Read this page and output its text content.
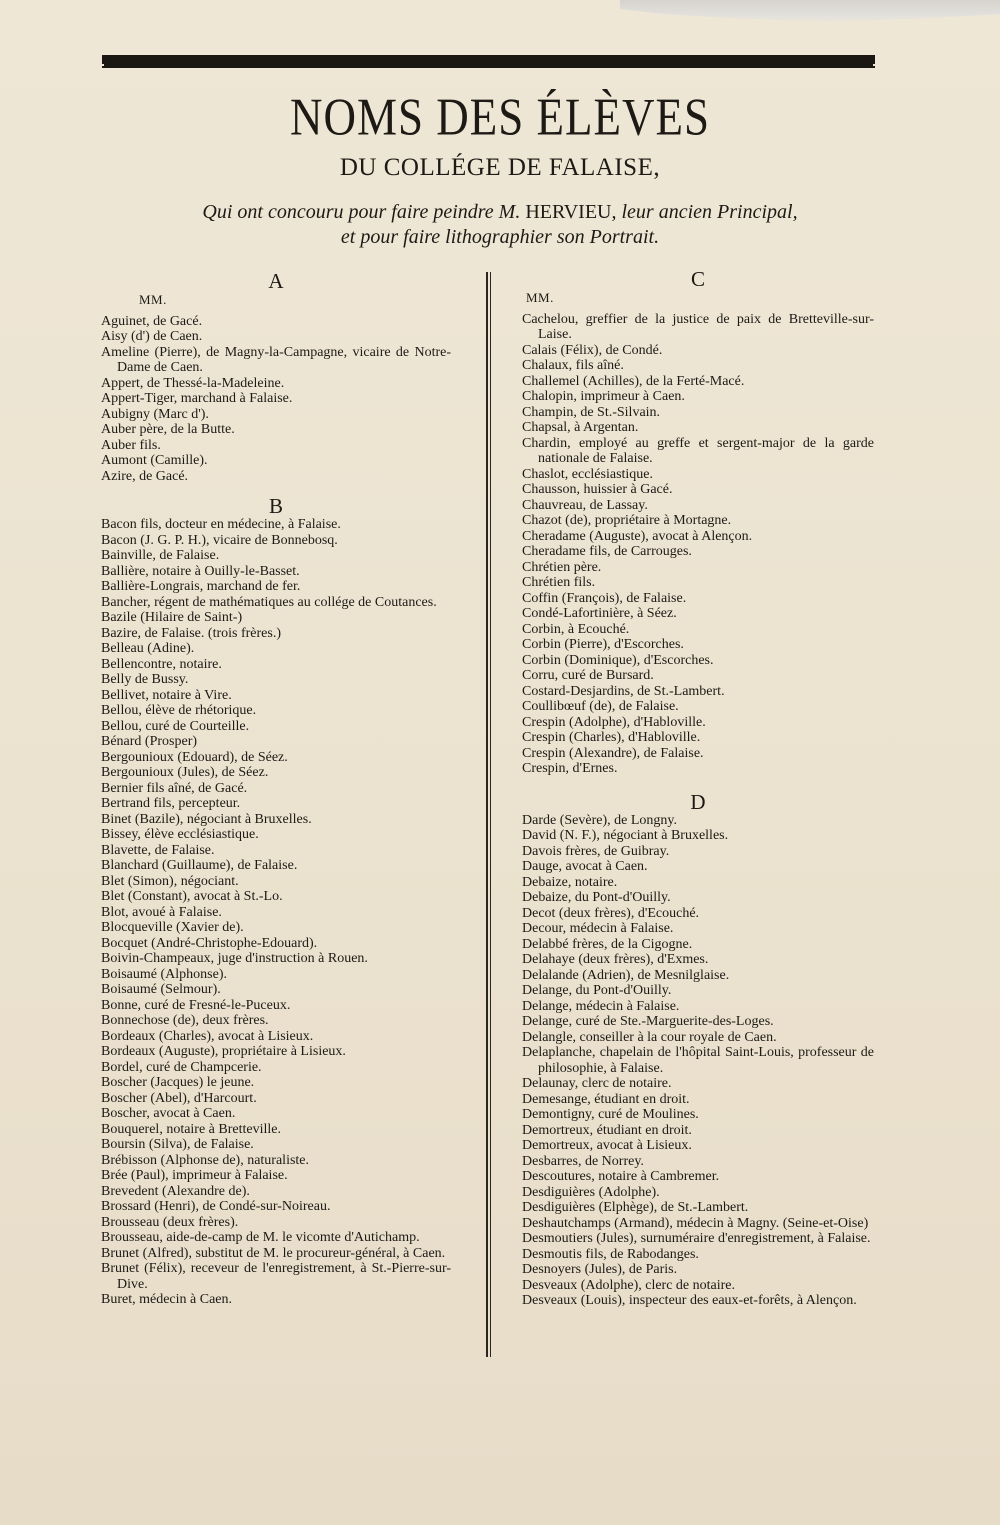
NOMS DES ÉLÈVES
DU COLLÉGE DE FALAISE,
Qui ont concouru pour faire peindre M. HERVIEU, leur ancien Principal,
et pour faire lithographier son Portrait.
A
MM.
Aguinet, de Gacé.
Aisy (d') de Caen.
Ameline (Pierre), de Magny-la-Campagne, vicaire de Notre-Dame de Caen.
Appert, de Thessé-la-Madeleine.
Appert-Tiger, marchand à Falaise.
Aubigny (Marc d').
Auber père, de la Butte.
Auber fils.
Aumont (Camille).
Azire, de Gacé.
B
Bacon fils, docteur en médecine, à Falaise.
Bacon (J. G. P. H.), vicaire de Bonnebosq.
Bainville, de Falaise.
Ballière, notaire à Ouilly-le-Basset.
Ballière-Longrais, marchand de fer.
Bancher, régent de mathématiques au collége de Coutances.
Bazile (Hilaire de Saint-)
Bazire, de Falaise. (trois frères.)
Belleau (Adine).
Bellencontre, notaire.
Belly de Bussy.
Bellivet, notaire à Vire.
Bellou, élève de rhétorique.
Bellou, curé de Courteille.
Bénard (Prosper)
Bergounioux (Edouard), de Séez.
Bergounioux (Jules), de Séez.
Bernier fils aîné, de Gacé.
Bertrand fils, percepteur.
Binet (Bazile), négociant à Bruxelles.
Bissey, élève ecclésiastique.
Blavette, de Falaise.
Blanchard (Guillaume), de Falaise.
Blet (Simon), négociant.
Blet (Constant), avocat à St.-Lo.
Blot, avoué à Falaise.
Blocqueville (Xavier de).
Bocquet (André-Christophe-Edouard).
Boivin-Champeaux, juge d'instruction à Rouen.
Boisaumé (Alphonse).
Boisaumé (Selmour).
Bonne, curé de Fresné-le-Puceux.
Bonnechose (de), deux frères.
Bordeaux (Charles), avocat à Lisieux.
Bordeaux (Auguste), propriétaire à Lisieux.
Bordel, curé de Champcerie.
Boscher (Jacques) le jeune.
Boscher (Abel), d'Harcourt.
Boscher, avocat à Caen.
Bouquerel, notaire à Bretteville.
Boursin (Silva), de Falaise.
Brébisson (Alphonse de), naturaliste.
Brée (Paul), imprimeur à Falaise.
Brevedent (Alexandre de).
Brossard (Henri), de Condé-sur-Noireau.
Brousseau (deux frères).
Brousseau, aide-de-camp de M. le vicomte d'Autichamp.
Brunet (Alfred), substitut de M. le procureur-général, à Caen.
Brunet (Félix), receveur de l'enregistrement, à St.-Pierre-sur-Dive.
Buret, médecin à Caen.
C
MM.
Cachelou, greffier de la justice de paix de Bretteville-sur-Laise.
Calais (Félix), de Condé.
Chalaux, fils aîné.
Challemel (Achilles), de la Ferté-Macé.
Chalopin, imprimeur à Caen.
Champin, de St.-Silvain.
Chapsal, à Argentan.
Chardin, employé au greffe et sergent-major de la garde nationale de Falaise.
Chaslot, ecclésiastique.
Chausson, huissier à Gacé.
Chauvreau, de Lassay.
Chazot (de), propriétaire à Mortagne.
Cheradame (Auguste), avocat à Alençon.
Cheradame fils, de Carrouges.
Chrétien père.
Chrétien fils.
Coffin (François), de Falaise.
Condé-Lafortinière, à Séez.
Corbin, à Ecouché.
Corbin (Pierre), d'Escorches.
Corbin (Dominique), d'Escorches.
Corru, curé de Bursard.
Costard-Desjardins, de St.-Lambert.
Coullibœuf (de), de Falaise.
Crespin (Adolphe), d'Habloville.
Crespin (Charles), d'Habloville.
Crespin (Alexandre), de Falaise.
Crespin, d'Ernes.
D
Darde (Sevère), de Longny.
David (N. F.), négociant à Bruxelles.
Davois frères, de Guibray.
Dauge, avocat à Caen.
Debaize, notaire.
Debaize, du Pont-d'Ouilly.
Decot (deux frères), d'Ecouché.
Decour, médecin à Falaise.
Delabbé frères, de la Cigogne.
Delahaye (deux frères), d'Exmes.
Delalande (Adrien), de Mesnilglaise.
Delange, du Pont-d'Ouilly.
Delange, médecin à Falaise.
Delange, curé de Ste.-Marguerite-des-Loges.
Delangle, conseiller à la cour royale de Caen.
Delaplanche, chapelain de l'hôpital Saint-Louis, professeur de philosophie, à Falaise.
Delaunay, clerc de notaire.
Demesange, étudiant en droit.
Demontigny, curé de Moulines.
Demortreux, étudiant en droit.
Demortreux, avocat à Lisieux.
Desbarres, de Norrey.
Descoutures, notaire à Cambremer.
Desdiguières (Adolphe).
Desdiguières (Elphège), de St.-Lambert.
Deshautchamps (Armand), médecin à Magny. (Seine-et-Oise)
Desmoutiers (Jules), surnuméraire d'enregistrement, à Falaise.
Desmoutis fils, de Rabodanges.
Desnoyers (Jules), de Paris.
Desveaux (Adolphe), clerc de notaire.
Desveaux (Louis), inspecteur des eaux-et-forêts, à Alençon.
